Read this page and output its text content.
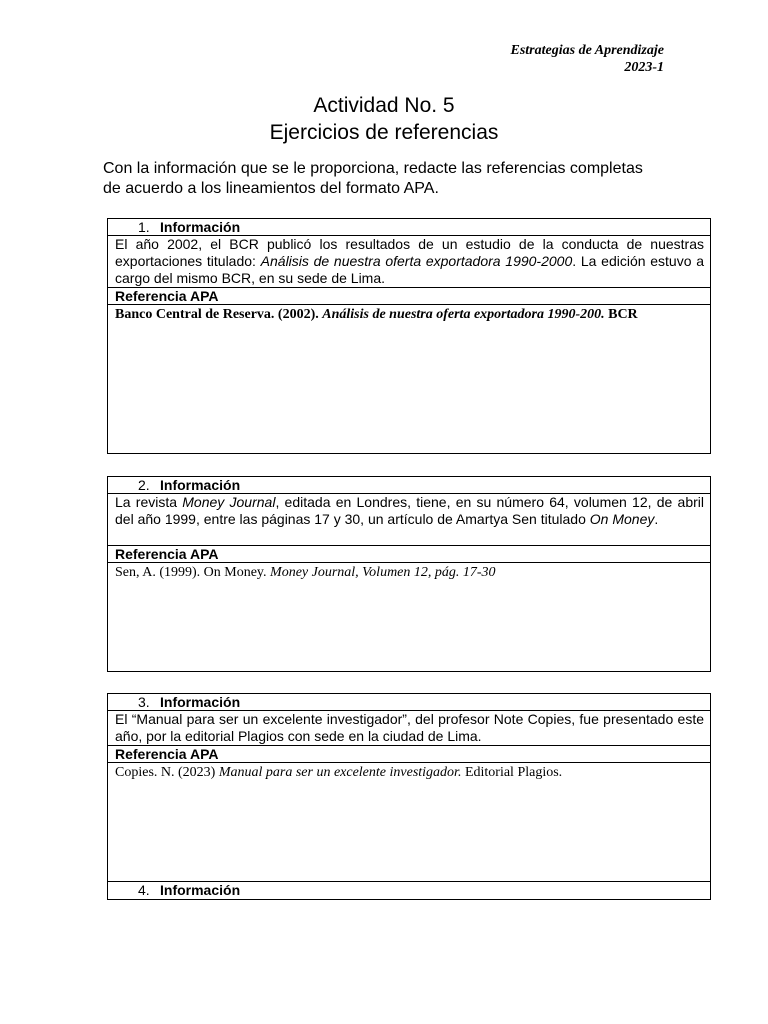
Estrategias de Aprendizaje
2023-1
Actividad No. 5
Ejercicios de referencias
Con la información que se le proporciona, redacte las referencias completas de acuerdo a los lineamientos del formato APA.
1. Información
El año 2002, el BCR publicó los resultados de un estudio de la conducta de nuestras exportaciones titulado: Análisis de nuestra oferta exportadora 1990-2000. La edición estuvo a cargo del mismo BCR, en su sede de Lima.
Referencia APA
Banco Central de Reserva. (2002). Análisis de nuestra oferta exportadora 1990-200. BCR
2. Información
La revista Money Journal, editada en Londres, tiene, en su número 64, volumen 12, de abril del año 1999, entre las páginas 17 y 30, un artículo de Amartya Sen titulado On Money.
Referencia APA
Sen, A. (1999). On Money. Money Journal, Volumen 12, pág. 17-30
3. Información
El “Manual para ser un excelente investigador”, del profesor Note Copies, fue presentado este año, por la editorial Plagios con sede en la ciudad de Lima.
Referencia APA
Copies. N. (2023) Manual para ser un excelente investigador. Editorial Plagios.
4. Información
